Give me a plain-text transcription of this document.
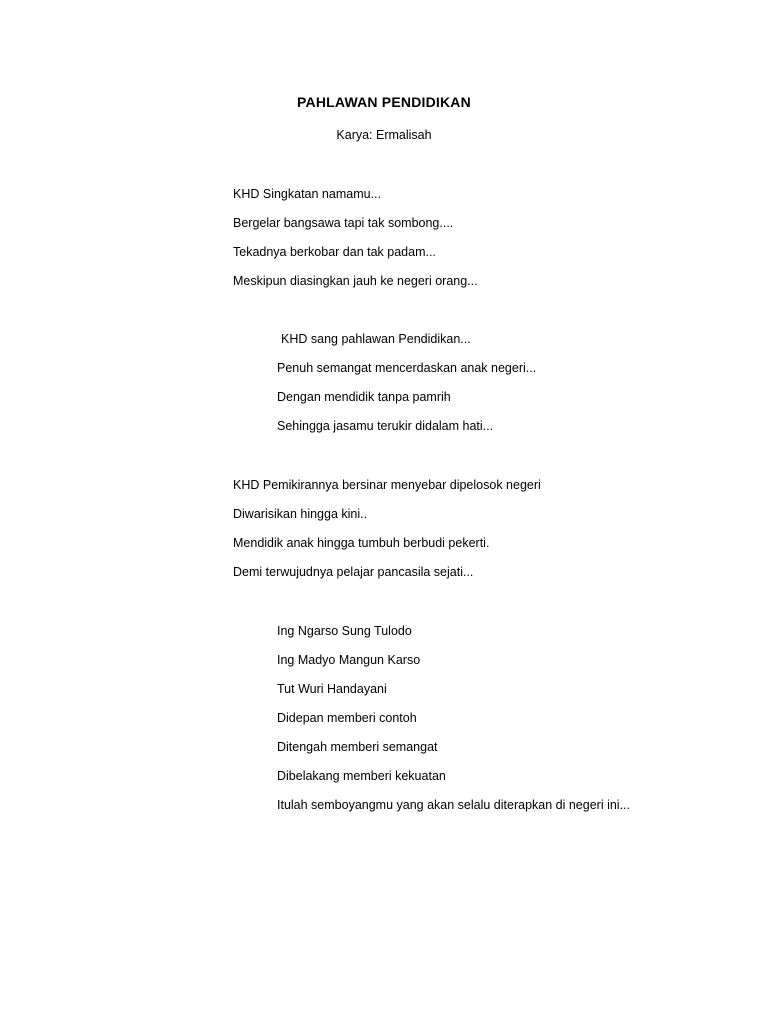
PAHLAWAN PENDIDIKAN
Karya: Ermalisah
KHD Singkatan namamu...
Bergelar bangsawa tapi tak sombong....
Tekadnya berkobar dan tak padam...
Meskipun diasingkan jauh ke negeri orang...
KHD sang pahlawan Pendidikan...
Penuh semangat mencerdaskan anak negeri...
Dengan mendidik tanpa pamrih
Sehingga jasamu terukir didalam hati...
KHD Pemikirannya bersinar menyebar dipelosok negeri
Diwarisikan hingga kini..
Mendidik anak hingga tumbuh berbudi pekerti.
Demi terwujudnya pelajar pancasila sejati...
Ing Ngarso Sung Tulodo
Ing Madyo Mangun Karso
Tut Wuri Handayani
Didepan memberi contoh
Ditengah memberi semangat
Dibelakang memberi kekuatan
Itulah semboyangmu yang akan selalu diterapkan di negeri ini...
